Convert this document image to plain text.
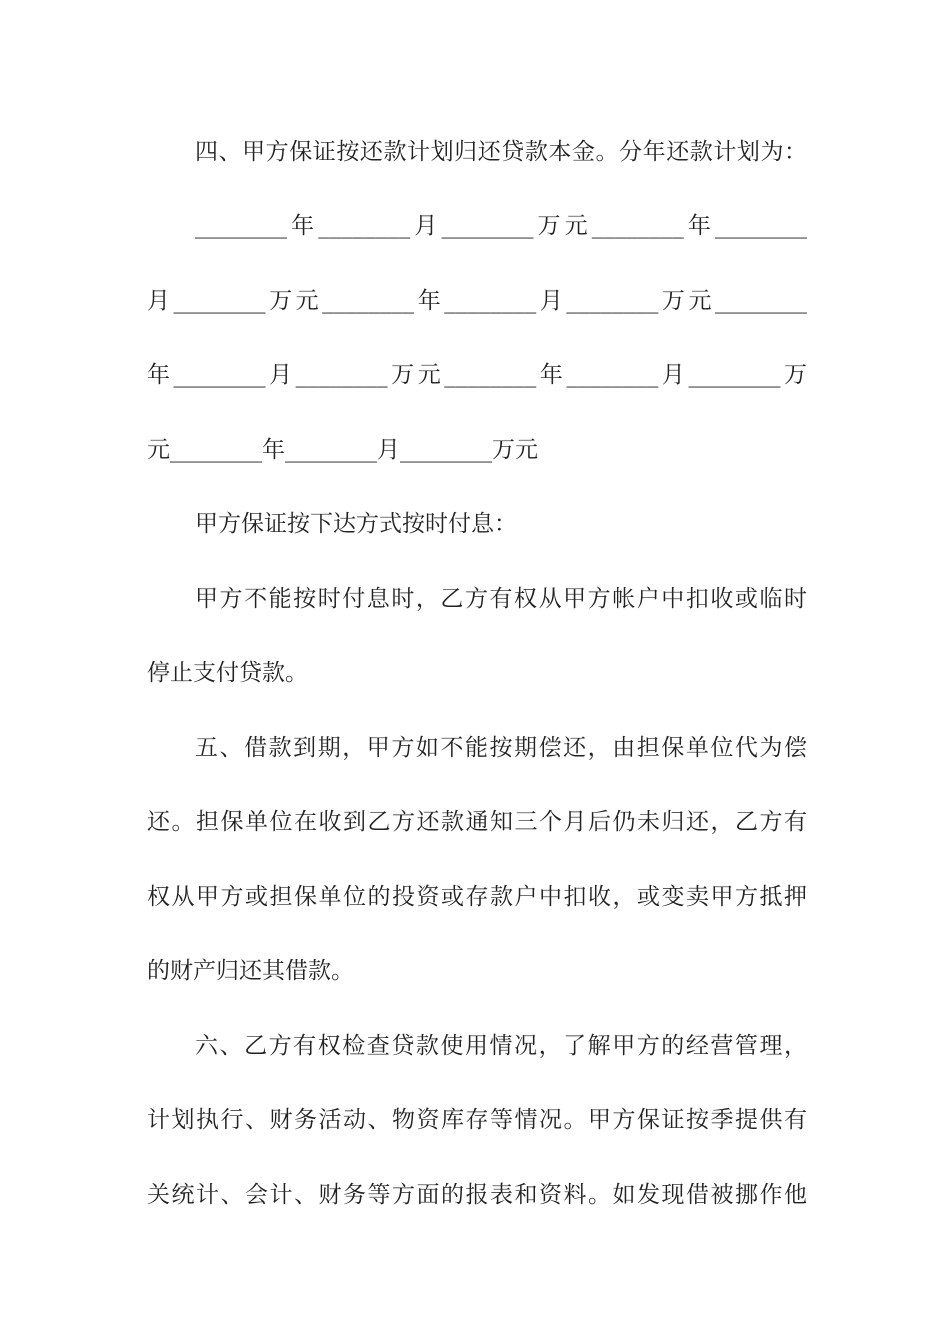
四、甲方保证按还款计划归还贷款本金。分年还款计划为：
________年________月________万元________年________
月________万元________年________月________万元________
年________月________万元________年________月________万
元________年________月________万元
甲方保证按下达方式按时付息：
甲方不能按时付息时，乙方有权从甲方帐户中扣收或临时
停止支付贷款。
五、借款到期，甲方如不能按期偿还，由担保单位代为偿
还。担保单位在收到乙方还款通知三个月后仍未归还，乙方有
权从甲方或担保单位的投资或存款户中扣收，或变卖甲方抵押
的财产归还其借款。
六、乙方有权检查贷款使用情况，了解甲方的经营管理，
计划执行、财务活动、物资库存等情况。甲方保证按季提供有
关统计、会计、财务等方面的报表和资料。如发现借被挪作他
